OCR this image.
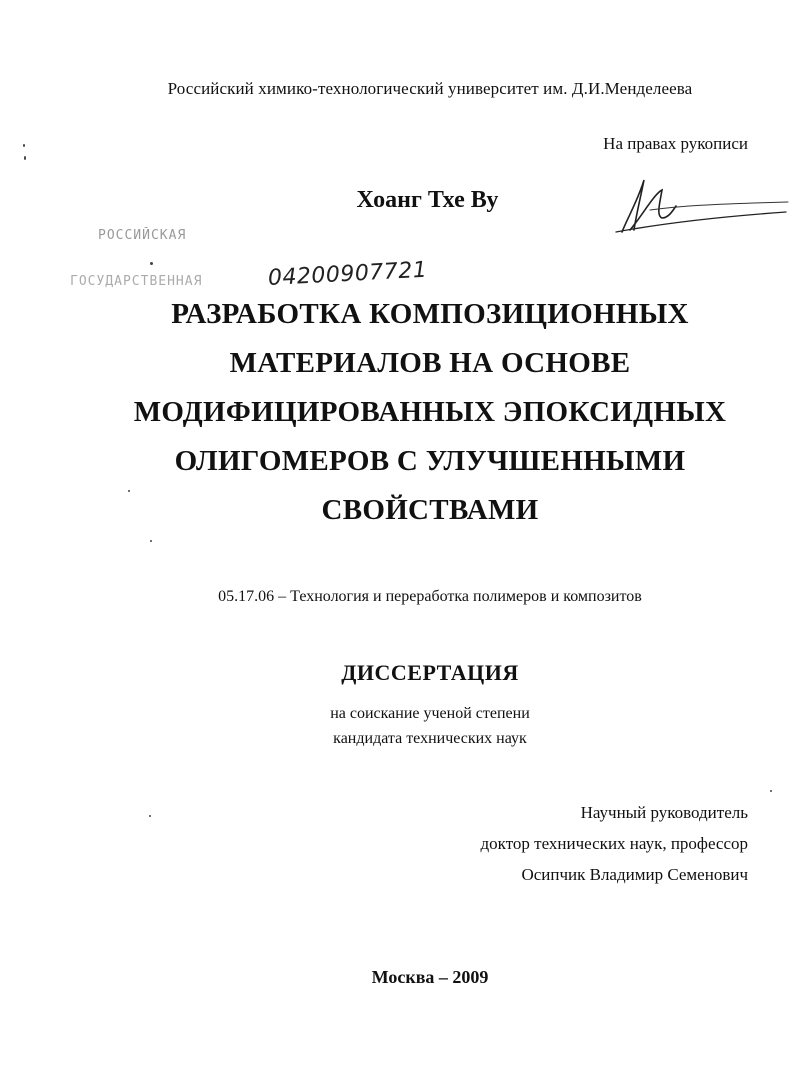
Российский химико-технологический университет им. Д.И.Менделеева
На правах рукописи
Хоанг Тхе Ву
РОССИЙСКАЯ
ГОСУДАРСТВЕННАЯ	04200907721
РАЗРАБОТКА КОМПОЗИЦИОННЫХ
МАТЕРИАЛОВ НА ОСНОВЕ
МОДИФИЦИРОВАННЫХ ЭПОКСИДНЫХ
ОЛИГОМЕРОВ С УЛУЧШЕННЫМИ
СВОЙСТВАМИ
05.17.06 – Технология и переработка полимеров и композитов
ДИССЕРТАЦИЯ
на соискание ученой степени
кандидата технических наук
Научный руководитель
доктор технических наук, профессор
Осипчик Владимир Семенович
Москва – 2009
